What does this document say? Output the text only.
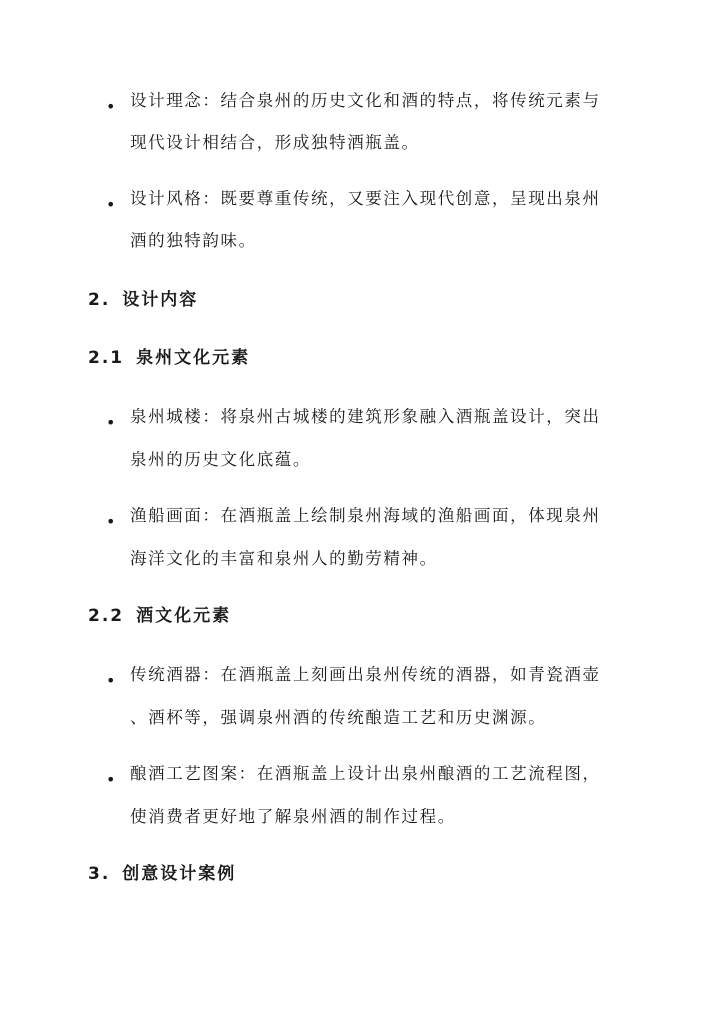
• 设计理念：结合泉州的历史文化和酒的特点，将传统元素与
现代设计相结合，形成独特酒瓶盖。
• 设计风格：既要尊重传统，又要注入现代创意，呈现出泉州
酒的独特韵味。
2. 设计内容
2.1 泉州文化元素
• 泉州城楼：将泉州古城楼的建筑形象融入酒瓶盖设计，突出
泉州的历史文化底蕴。
• 渔船画面：在酒瓶盖上绘制泉州海域的渔船画面，体现泉州
海洋文化的丰富和泉州人的勤劳精神。
2.2 酒文化元素
• 传统酒器：在酒瓶盖上刻画出泉州传统的酒器，如青瓷酒壶
、酒杯等，强调泉州酒的传统酿造工艺和历史渊源。
• 酿酒工艺图案：在酒瓶盖上设计出泉州酿酒的工艺流程图，
使消费者更好地了解泉州酒的制作过程。
3. 创意设计案例
